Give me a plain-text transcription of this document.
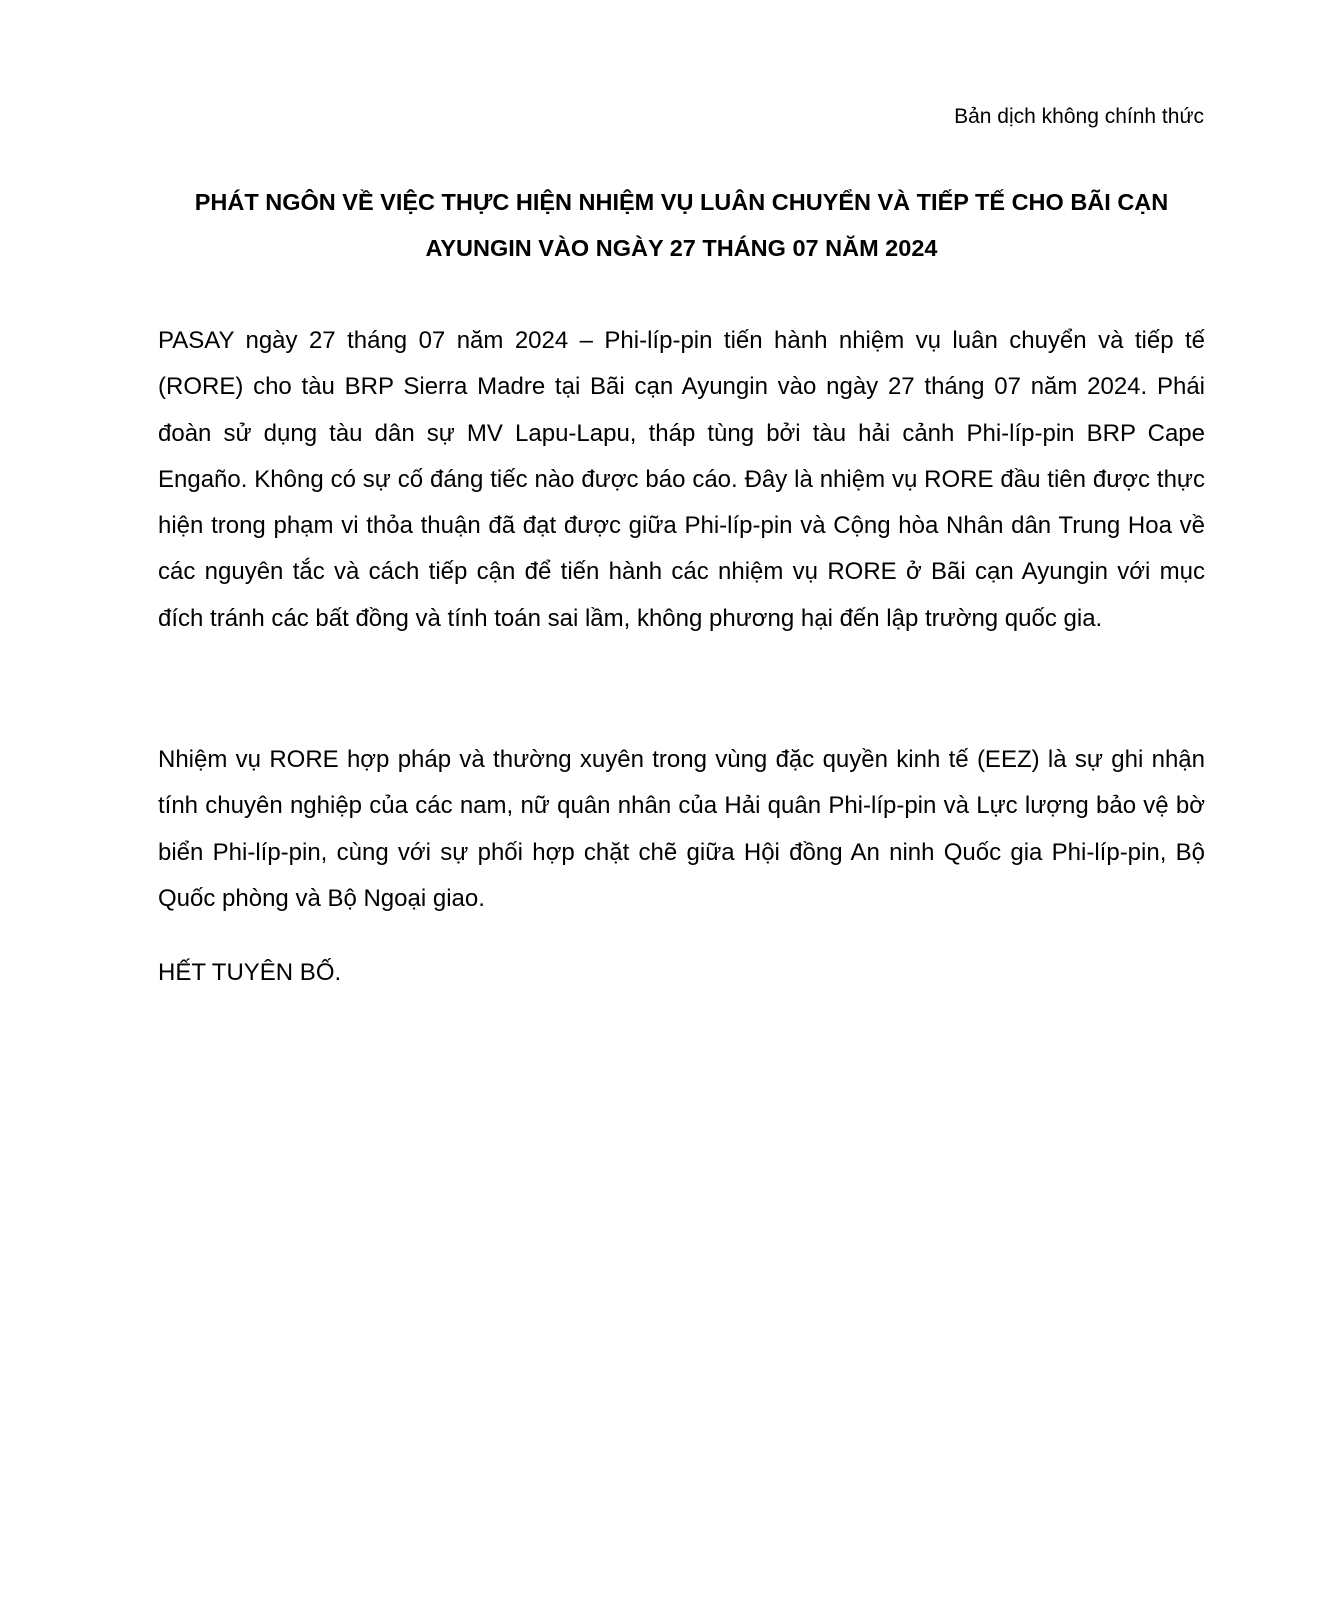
Bản dịch không chính thức
PHÁT NGÔN VỀ VIỆC THỰC HIỆN NHIỆM VỤ LUÂN CHUYỂN VÀ TIẾP TẾ CHO BÃI CẠN AYUNGIN VÀO NGÀY 27 THÁNG 07 NĂM 2024

PASAY ngày 27 tháng 07 năm 2024 – Phi-líp-pin tiến hành nhiệm vụ luân chuyển và tiếp tế (RORE) cho tàu BRP Sierra Madre tại Bãi cạn Ayungin vào ngày 27 tháng 07 năm 2024. Phái đoàn sử dụng tàu dân sự MV Lapu-Lapu, tháp tùng bởi tàu hải cảnh Phi-líp-pin BRP Cape Engaño. Không có sự cố đáng tiếc nào được báo cáo. Đây là nhiệm vụ RORE đầu tiên được thực hiện trong phạm vi thỏa thuận đã đạt được giữa Phi-líp-pin và Cộng hòa Nhân dân Trung Hoa về các nguyên tắc và cách tiếp cận để tiến hành các nhiệm vụ RORE ở Bãi cạn Ayungin với mục đích tránh các bất đồng và tính toán sai lầm, không phương hại đến lập trường quốc gia.

Nhiệm vụ RORE hợp pháp và thường xuyên trong vùng đặc quyền kinh tế (EEZ) là sự ghi nhận tính chuyên nghiệp của các nam, nữ quân nhân của Hải quân Phi-líp-pin và Lực lượng bảo vệ bờ biển Phi-líp-pin, cùng với sự phối hợp chặt chẽ giữa Hội đồng An ninh Quốc gia Phi-líp-pin, Bộ Quốc phòng và Bộ Ngoại giao.

HẾT TUYÊN BỐ.
